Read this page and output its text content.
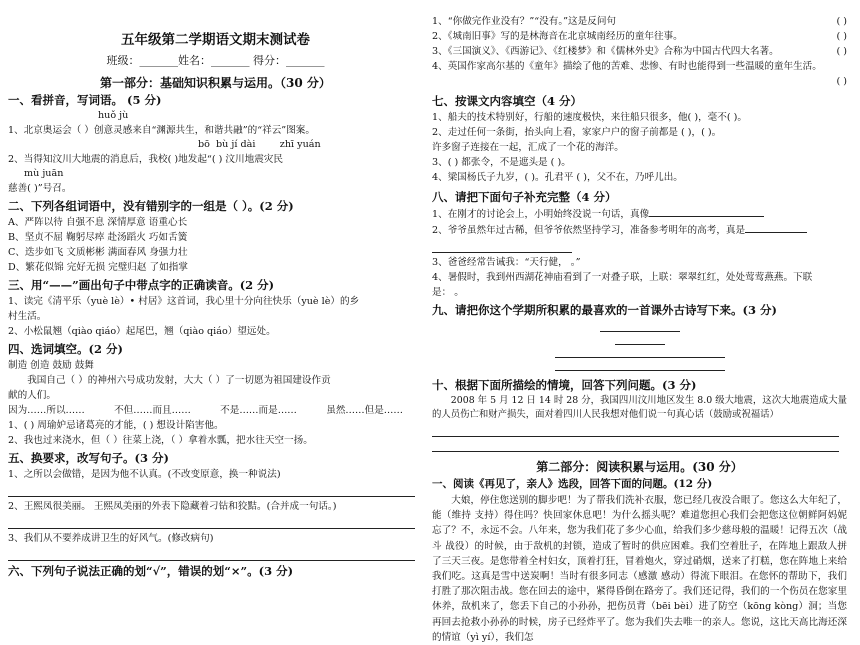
五年级第二学期语文期末测试卷
班级：_______姓名：_______ 得分：_______
第一部分：基础知识积累与运用。（30 分）
一、看拼音，写词语。 (5 分)
huǒ jù
1、北京奥运会（ ）创意灵感来自“渊源共生，和谐共融”的“祥云”图案。
bō  bù jí dài        zhī yuán
2、当得知汶川大地震的消息后，我校( )地发起“( ) 汶川地震灾民
mù juān
慈善( )”号召。
二、下列各组词语中，没有错别字的一组是（ ）。(2 分)
A、严阵以待 自强不息 深情厚意 语重心长
B、坚贞不屈 鞠躬尽瘁 赴汤蹈火 巧如舌簧
C、迭步如飞 文质彬彬 满面春风 身强力壮
D、繁花似锦 完好无损 完璧归赵 了如指掌
三、用“——”画出句子中带点字的正确读音。(2 分)
1、读完《清平乐（yuè lè）• 村居》这首词，我心里十分向往快乐（yuè lè）的乡
村生活。
2、小松鼠翘（qiào qiáo）起尾巴，翘（qiào qiáo）望远处。
四、选词填空。(2 分)
制造 创造 鼓励 鼓舞
我国自己（ ）的神州六号成功发射，大大（ ）了一切愿为祖国建设作贡
献的人们。
因为……所以……	不但……而且……	不是……而是……	虽然……但是……
1、( ) 周瑜妒忌诸葛亮的才能，( ) 想设计陷害他。
2、我也过来浇水，但（ ）往菜上浇，（ ）拿着水瓢，把水往天空一扬。
五、换要求，改写句子。(3 分)
1、之所以会做错，是因为他不认真。(不改变原意，换一种说法)
2、王熙凤很美丽。 王熙凤美丽的外表下隐藏着刁钻和狡黠。(合并成一句话。)
3、我们从不要养成讲卫生的好风气。(修改病句)
六、下列句子说法正确的划“√”，错误的划“×”。(3 分)
1、“你做完作业没有？”“没有。”这是反问句	( )
2、《城南旧事》写的是林海音在北京城南经历的童年往事。	( )
3、《三国演义》、《西游记》、《红楼梦》和《儒林外史》合称为中国古代四大名著。	( )
4、英国作家高尔基的《童年》描绘了他的苦难、悲惨、有时也能得到一些温暖的童年生活。
( )
七、按课文内容填空（4 分）
1、船夫的技术特别好，行船的速度极快，来往船只很多，他( )，毫不( )。
2、走过任何一条街，抬头向上看，家家户户的窗子前都是 ( )，( )。
许多窗子连接在一起，汇成了一个花的海洋。
3、( ) 都张令，不是遮头是 ( )。
4、梁国杨氏子九岁，( )。孔君平 ( )，父不在，乃呼儿出。
八、请把下面句子补充完整（4 分）
1、在刚才的讨论会上，小明始终没说一句话，真像
2、爷爷虽然年过古稀，但爷爷依然坚持学习，准备参考明年的高考，真是
3、爸爸经常告诫我：“天行健， 。”
4、暑假时，我到州西湖花神庙看到了一对叠子联，上联：翠翠红红，处处莺莺燕燕。下联
是： 。
九、请把你这个学期所积累的最喜欢的一首课外古诗写下来。(3 分)
十、根据下面所描绘的情境，回答下列问题。(3 分)
2008 年 5 月 12 日 14 时 28 分，我国四川汶川地区发生 8.0 级大地震，这次大地震造成大量的人员伤亡和财产损失，面对着四川人民我想对他们说一句真心话（鼓励或祝福话）
第二部分：阅读积累与运用。(30 分）
一、阅读《再见了，亲人》选段，回答下面的问题。(12 分)
大娘，停住您送别的脚步吧！为了帮我们洗补衣服，您已经几夜没合眼了。您这么大年纪了，能（维持 支持）得住吗？快回家休息吧！为什么摇头呢？难道您担心我们会把您这位朝鲜阿妈妮忘了？不，永远不会。八年来，您为我们花了多少心血，给我们多少慈母般的温暖！记得五次（战斗 战役）的时候，由于敌机的封锁，造成了暂时的供应困难。我们空着肚子，在阵地上跟敌人拼了三天三夜。是您带着全村妇女，顶着打狂，冒着炮火，穿过硝烟，送来了打糕，您在阵地上来给我们吃。这真是雪中送炭啊！当时有很多同志（感激 感动）得流下眼泪。在您怀的帮助下，我们打胜了那次阻击战。您在回去的途中，紧得昏倒在路旁了。我们还记得，我们的一个伤员在您家里休养，敌机来了，您丢下自己的小孙孙，把伤员背（bēi bèi）进了防空（kōng kòng）洞；当您再回去抢救小孙孙的时候，房子已经炸平了。您为我们失去唯一的亲人。您说，这比天高比海还深的情谊（yì yí），我们怎
